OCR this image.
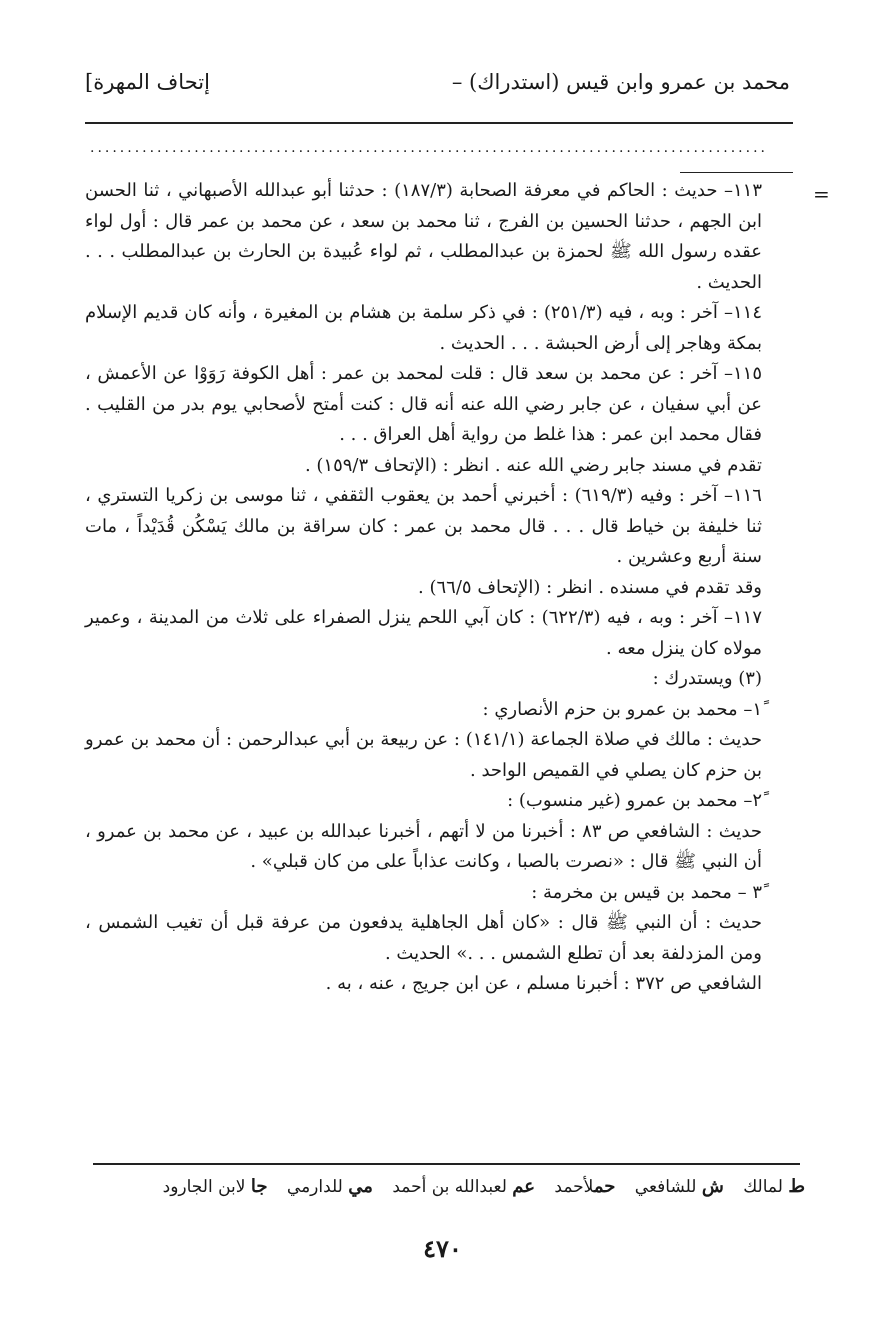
– محمد بن عمرو وابن قيس (استدراك)
[إتحاف المهرة
...........................................................................................
=

١١٣– حديث : الحاكم في معرفة الصحابة (١٨٧/٣) : حدثنا أبو عبدالله الأصبهاني ، ثنا الحسن ابن الجهم ، حدثنا الحسين بن الفرج ، ثنا محمد بن سعد ، عن محمد بن عمر قال : أول لواء عقده رسول الله ﷺ لحمزة بن عبدالمطلب ، ثم لواء عُبيدة بن الحارث بن عبدالمطلب . . . الحديث .

١١٤– آخر : وبه ، فيه (٢٥١/٣) : في ذكر سلمة بن هشام بن المغيرة ، وأنه كان قديم الإسلام بمكة وهاجر إلى أرض الحبشة . . . الحديث .

١١٥– آخر : عن محمد بن سعد قال : قلت لمحمد بن عمر : أهل الكوفة رَوَوْا عن الأعمش ، عن أبي سفيان ، عن جابر رضي الله عنه أنه قال : كنت أمتح لأصحابي يوم بدر من القليب . فقال محمد ابن عمر : هذا غلط من رواية أهل العراق . . .

تقدم في مسند جابر رضي الله عنه . انظر : (الإتحاف ١٥٩/٣) .

١١٦– آخر : وفيه (٦١٩/٣) : أخبرني أحمد بن يعقوب الثقفي ، ثنا موسى بن زكريا التستري ، ثنا خليفة بن خياط قال . . . قال محمد بن عمر : كان سراقة بن مالك يَسْكُن قُدَيْداً ، مات سنة أربع وعشرين .

وقد تقدم في مسنده . انظر : (الإتحاف ٦٦/٥) .

١١٧– آخر : وبه ، فيه (٦٢٢/٣) : كان آبي اللحم ينزل الصفراء على ثلاث من المدينة ، وعمير مولاه كان ينزل معه .

(٣) ويستدرك :

١ً– محمد بن عمرو بن حزم الأنصاري :

حديث : مالك في صلاة الجماعة (١٤١/١) : عن ربيعة بن أبي عبدالرحمن : أن محمد بن عمرو بن حزم كان يصلي في القميص الواحد .

٢ً– محمد بن عمرو (غير منسوب) :

حديث : الشافعي ص ٨٣ : أخبرنا من لا أتهم ، أخبرنا عبدالله بن عبيد ، عن محمد بن عمرو ، أن النبي ﷺ قال : «نصرت بالصبا ، وكانت عذاباً على من كان قبلي» .

٣ً – محمد بن قيس بن مخرمة :

حديث : أن النبي ﷺ قال : «كان أهل الجاهلية يدفعون من عرفة قبل أن تغيب الشمس ، ومن المزدلفة بعد أن تطلع الشمس . . .» الحديث .

الشافعي ص ٣٧٢ : أخبرنا مسلم ، عن ابن جريج ، عنه ، به .

ط لمالك ش للشافعي حملأحمد عم لعبدالله بن أحمد مي للدارمي جا لابن الجارود
٤٧٠
